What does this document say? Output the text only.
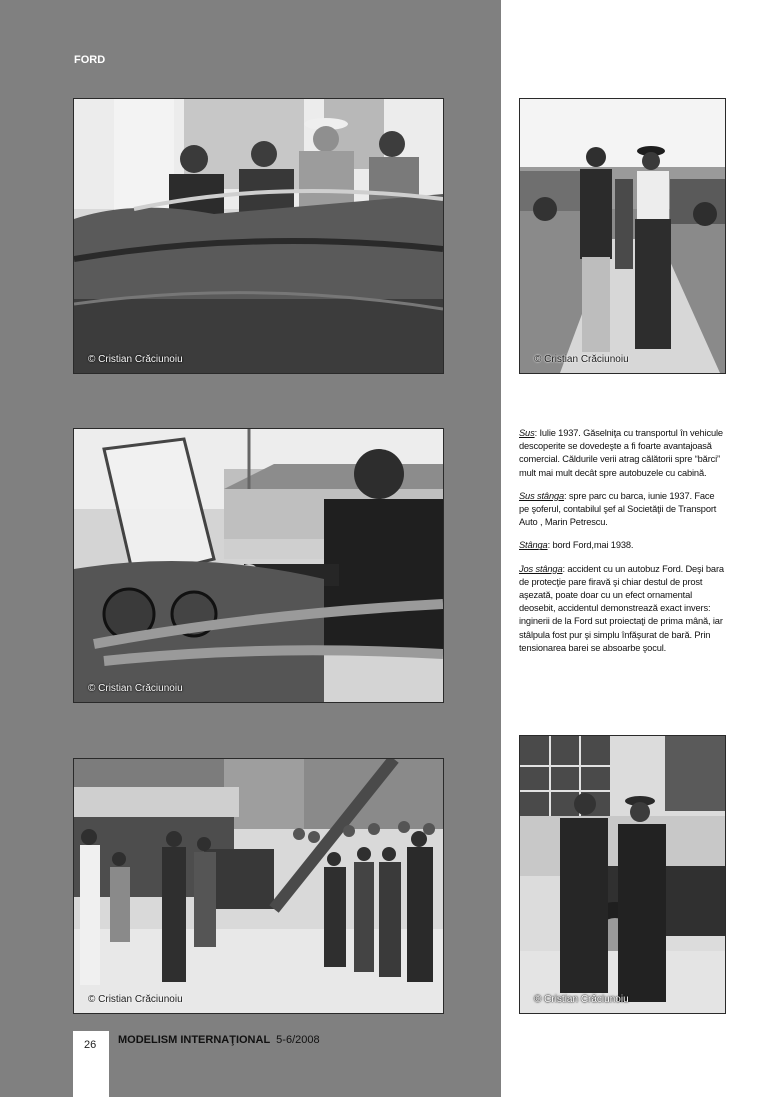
FORD
© Cristian Crăciunoiu	© Cristian Crăciunoiu
© Cristian Crăciunoiu
© Cristian Crăciunoiu	© Cristian Crăciunoiu

Sus: Iulie 1937. Găselniţa cu transportul în vehicule descoperite se dovedeşte a fi foarte avantajoasă comercial. Căldurile verii atrag călătorii spre “bărci” mult mai mult decât spre autobuzele cu cabină.

Sus stânga: spre parc cu barca, iunie 1937. Face pe şoferul, contabilul şef al Societăţii de Transport Auto , Marin Petrescu.

Stânga: bord Ford,mai 1938.

Jos stânga: accident cu un autobuz Ford. Deşi bara de protecţie pare firavă şi chiar destul de prost aşezată, poate doar cu un efect ornamental deosebit, accidentul demonstrează exact invers: inginerii de la Ford sut proiectaţi de prima mână, iar stâlpula fost pur şi simplu înfăşurat de bară. Prin tensionarea barei se absoarbe şocul.

26 MODELISM INTERNAŢIONAL 5-6/2008
